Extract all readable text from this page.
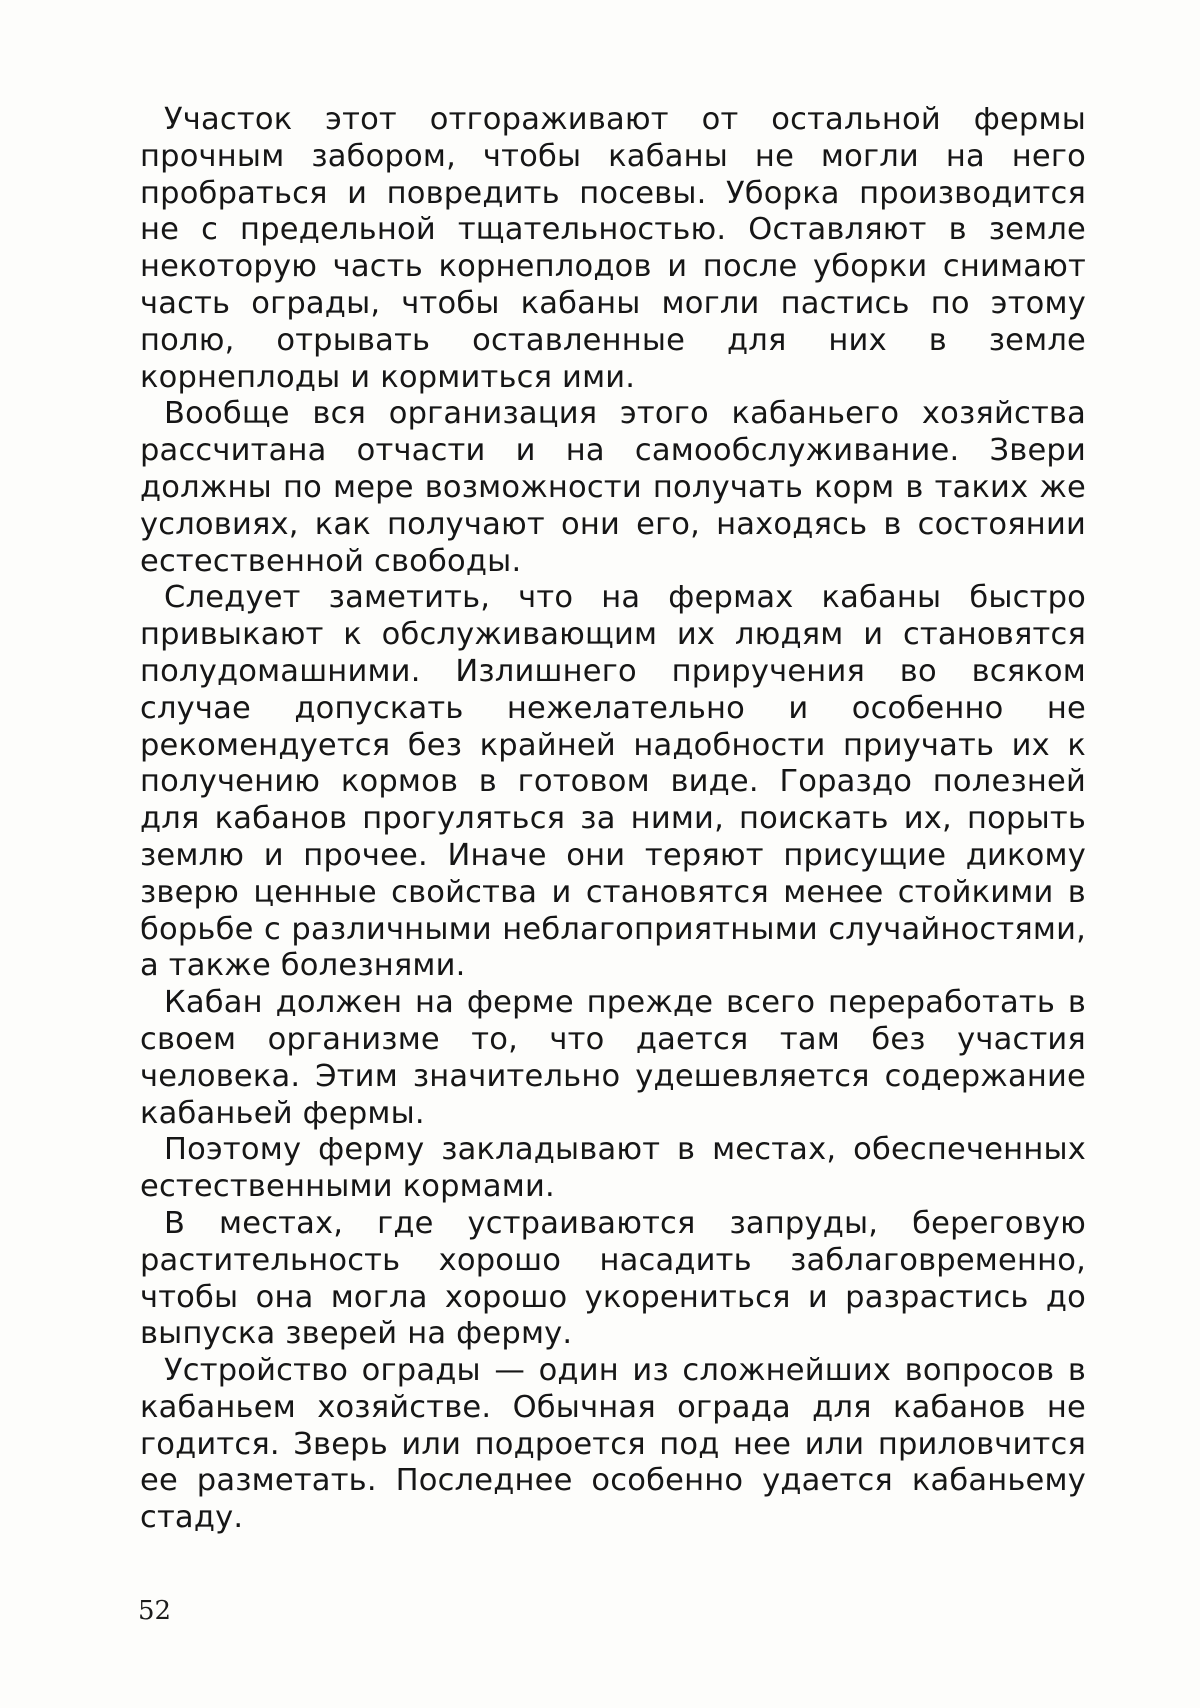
Участок этот отгораживают от остальной фермы прочным забором, чтобы кабаны не могли на него пробраться и повредить посевы. Уборка производится не с предельной тщательностью. Оставляют в земле некоторую часть корнеплодов и после уборки снимают часть ограды, чтобы кабаны могли пастись по этому полю, отрывать оставленные для них в земле корнеплоды и кормиться ими.

Вообще вся организация этого кабаньего хозяйства рассчитана отчасти и на самообслуживание. Звери должны по мере возможности получать корм в таких же условиях, как получают они его, находясь в состоянии естественной свободы.

Следует заметить, что на фермах кабаны быстро привыкают к обслуживающим их людям и становятся полудомашними. Излишнего приручения во всяком случае допускать нежелательно и особенно не рекомендуется без крайней надобности приучать их к получению кормов в готовом виде. Гораздо полезней для кабанов прогуляться за ними, поискать их, порыть землю и прочее. Иначе они теряют присущие дикому зверю ценные свойства и становятся менее стойкими в борьбе с различными неблагоприятными случайностями, а также болезнями.

Кабан должен на ферме прежде всего переработать в своем организме то, что дается там без участия человека. Этим значительно удешевляется содержание кабаньей фермы.

Поэтому ферму закладывают в местах, обеспеченных естественными кормами.

В местах, где устраиваются запруды, береговую растительность хорошо насадить заблаговременно, чтобы она могла хорошо укорениться и разрастись до выпуска зверей на ферму.

Устройство ограды — один из сложнейших вопросов в кабаньем хозяйстве. Обычная ограда для кабанов не годится. Зверь или подроется под нее или приловчится ее разметать. Последнее особенно удается кабаньему стаду.

52
